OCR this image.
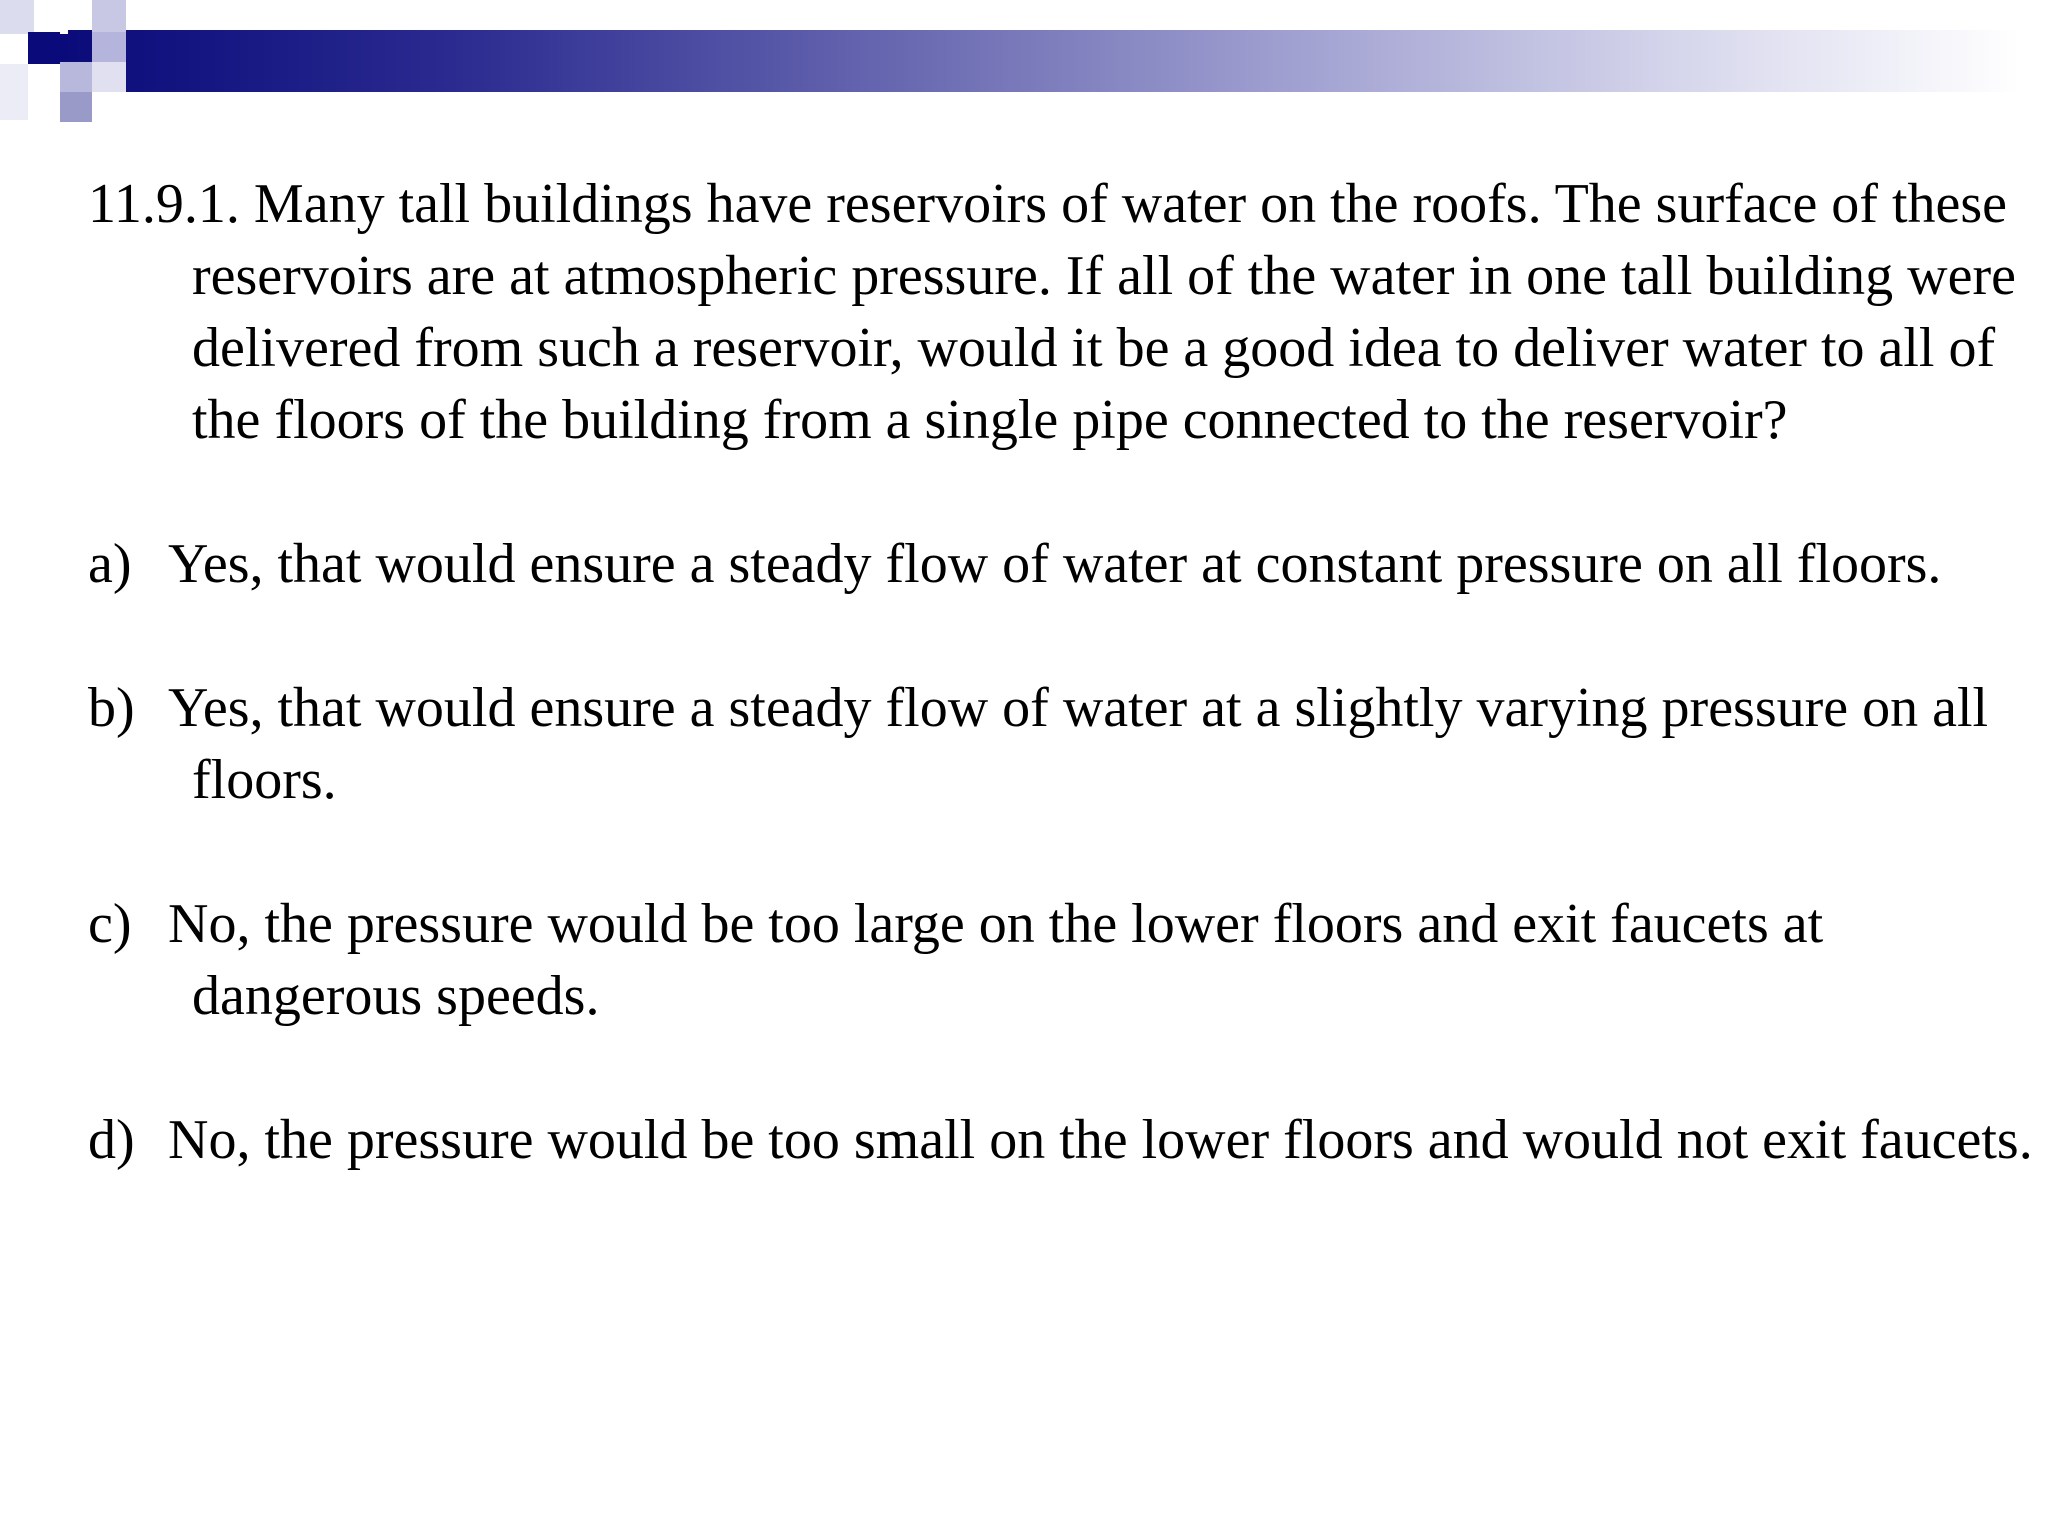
11.9.1. Many tall buildings have reservoirs of water on the roofs. The surface of these reservoirs are at atmospheric pressure. If all of the water in one tall building were delivered from such a reservoir, would it be a good idea to deliver water to all of the floors of the building from a single pipe connected to the reservoir?

a) Yes, that would ensure a steady flow of water at constant pressure on all floors.

b) Yes, that would ensure a steady flow of water at a slightly varying pressure on all floors.

c) No, the pressure would be too large on the lower floors and exit faucets at dangerous speeds.

d) No, the pressure would be too small on the lower floors and would not exit faucets.
